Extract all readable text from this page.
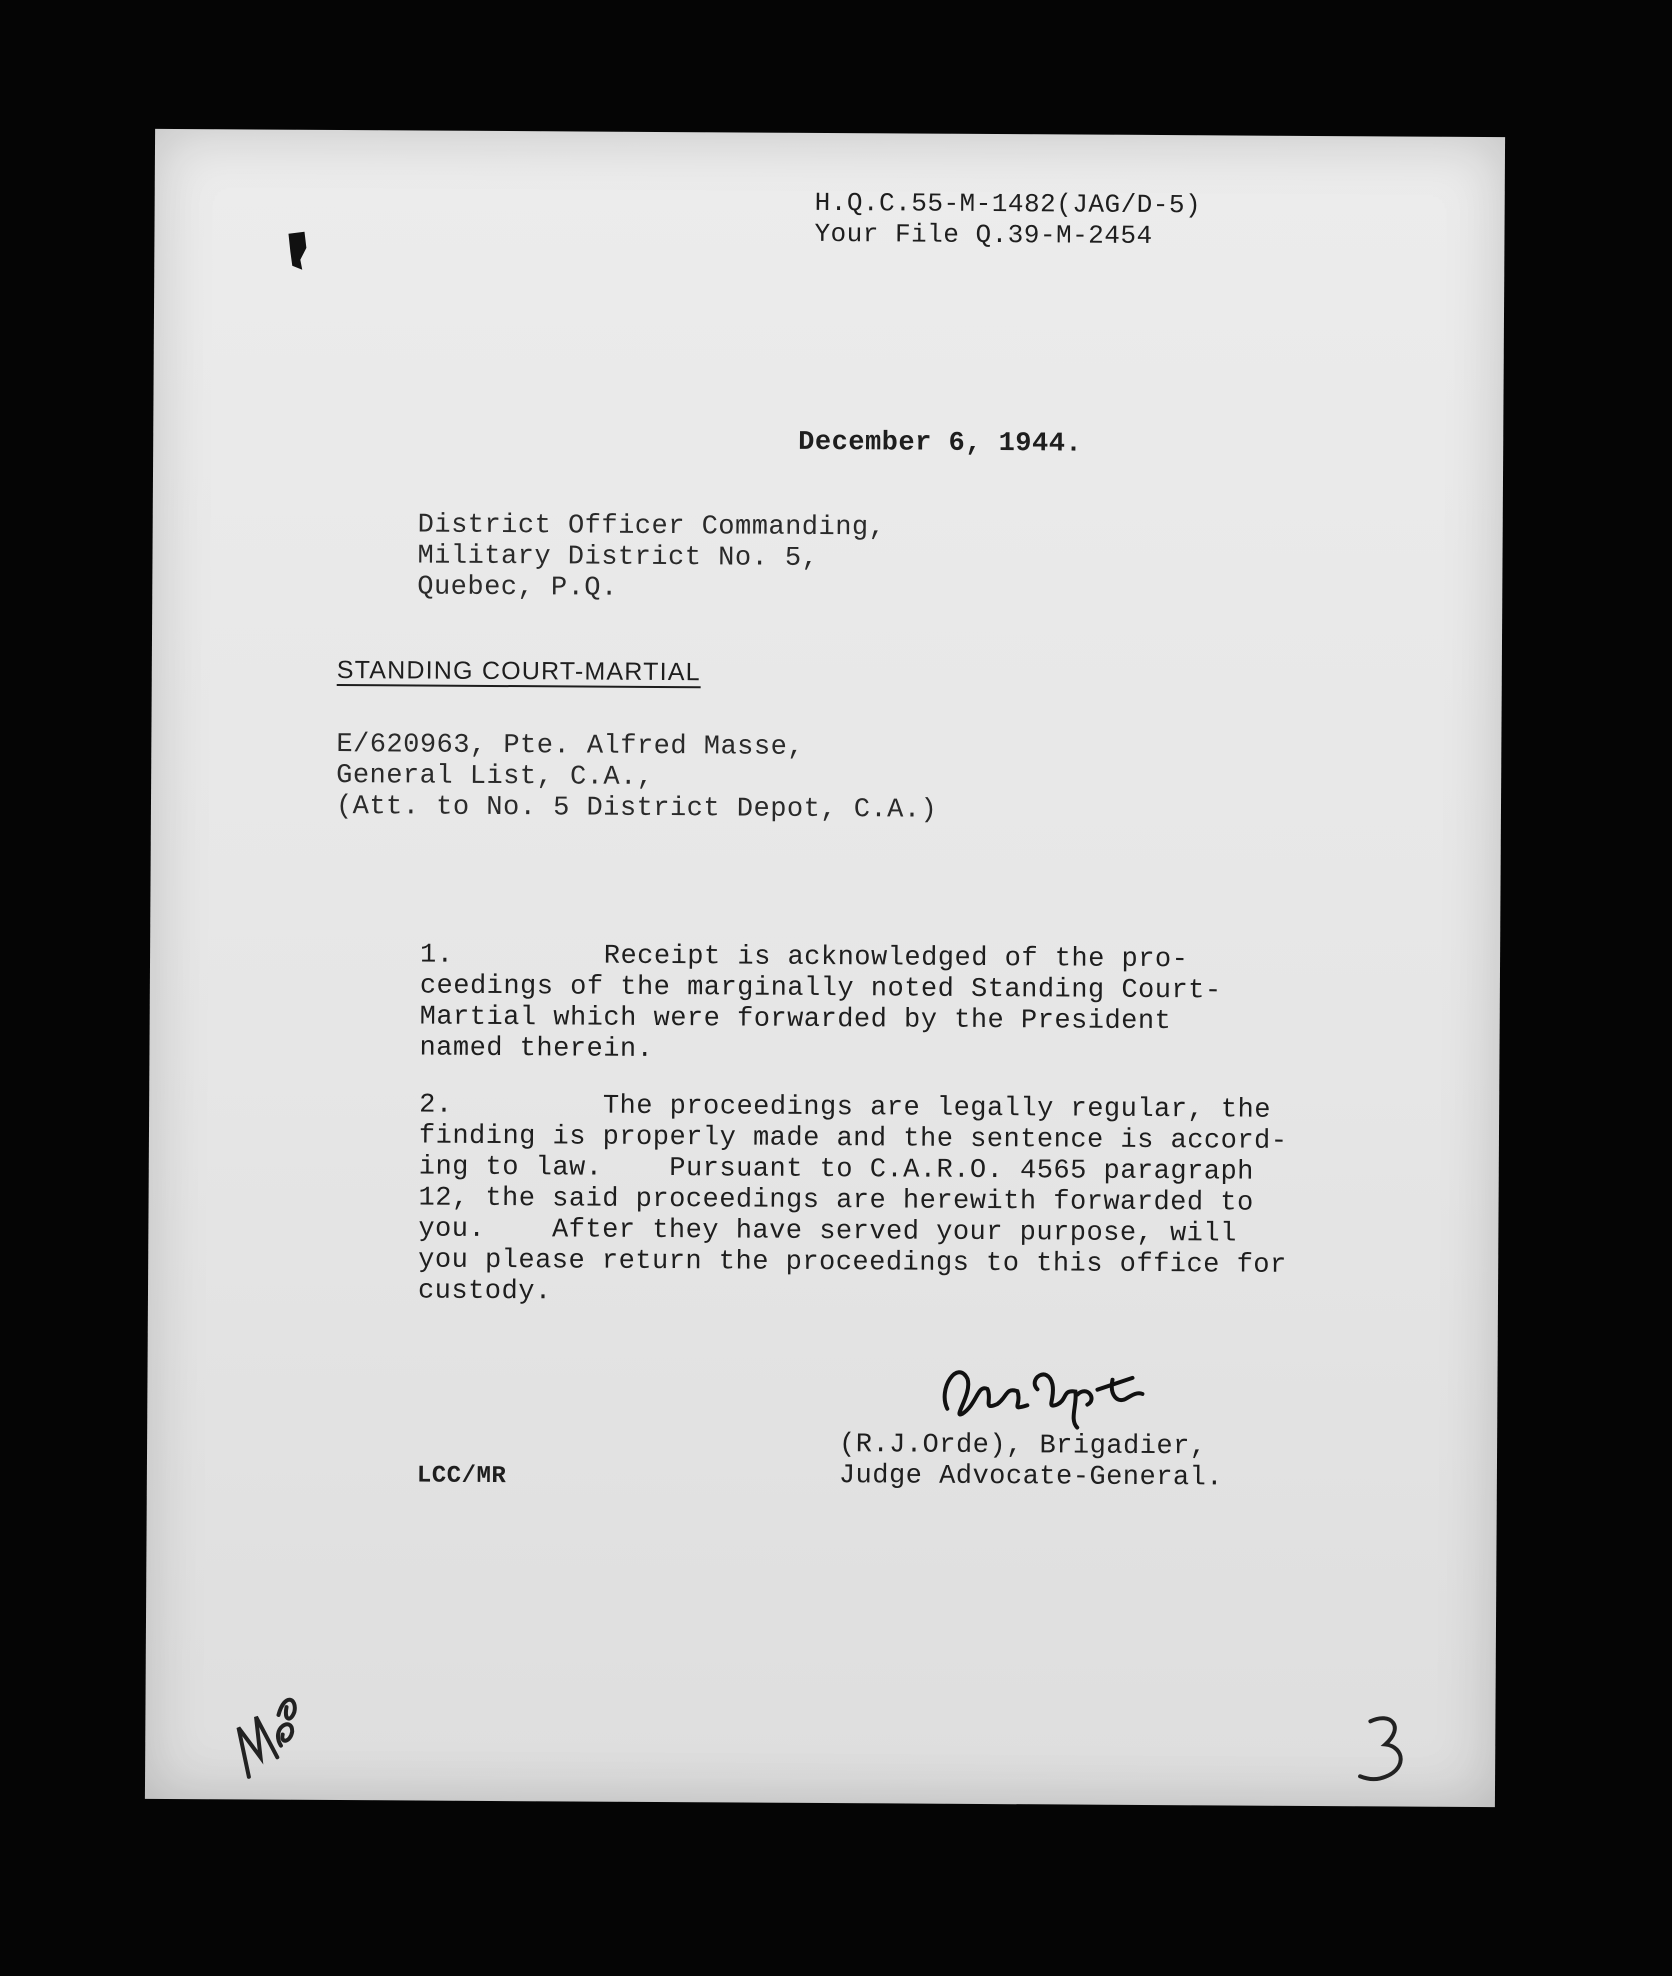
H.Q.C.55-M-1482(JAG/D-5)
Your File Q.39-M-2454
December 6, 1944.
District Officer Commanding,
Military District No. 5,
Quebec, P.Q.
STANDING COURT-MARTIAL
E/620963, Pte. Alfred Masse,
General List, C.A.,
(Att. to No. 5 District Depot, C.A.)
1.         Receipt is acknowledged of the pro-
ceedings of the marginally noted Standing Court-
Martial which were forwarded by the President
named therein.
2.         The proceedings are legally regular, the
finding is properly made and the sentence is accord-
ing to law.    Pursuant to C.A.R.O. 4565 paragraph
12, the said proceedings are herewith forwarded to
you.    After they have served your purpose, will
you please return the proceedings to this office for
custody.
(R.J.Orde), Brigadier,
Judge Advocate-General.
LCC/MR
